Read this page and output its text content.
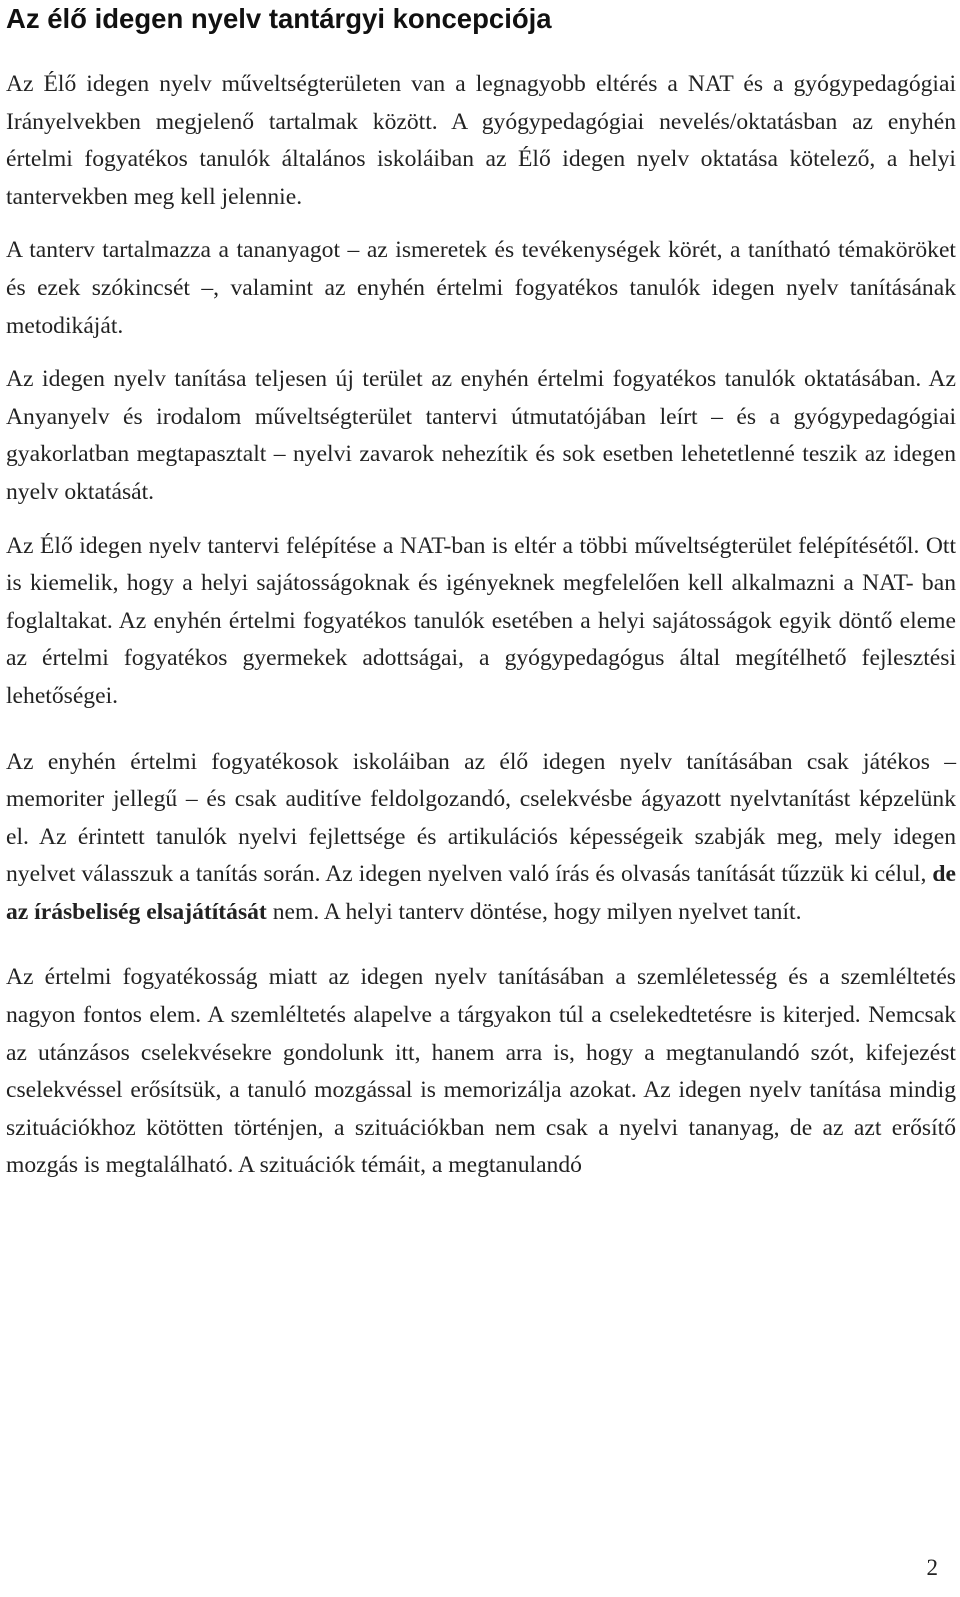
Az élő idegen nyelv tantárgyi koncepciója

Az Élő idegen nyelv műveltségterületen van a legnagyobb eltérés a NAT és a gyógypedagógiai Irányelvekben megjelenő tartalmak között. A gyógypedagógiai nevelés/oktatásban az enyhén értelmi fogyatékos tanulók általános iskoláiban az Élő idegen nyelv oktatása kötelező, a helyi tantervekben meg kell jelennie.

A tanterv tartalmazza a tananyagot – az ismeretek és tevékenységek körét, a tanítható témaköröket és ezek szókincsét –, valamint az enyhén értelmi fogyatékos tanulók idegen nyelv tanításának metodikáját.

Az idegen nyelv tanítása teljesen új terület az enyhén értelmi fogyatékos tanulók oktatásában. Az Anyanyelv és irodalom műveltségterület tantervi útmutatójában leírt – és a gyógypedagógiai gyakorlatban megtapasztalt – nyelvi zavarok nehezítik és sok esetben lehetetlenné teszik az idegen nyelv oktatását.

Az Élő idegen nyelv tantervi felépítése a NAT-ban is eltér a többi műveltségterület felépítésétől. Ott is kiemelik, hogy a helyi sajátosságoknak és igényeknek megfelelően kell alkalmazni a NAT- ban foglaltakat. Az enyhén értelmi fogyatékos tanulók esetében a helyi sajátosságok egyik döntő eleme az értelmi fogyatékos gyermekek adottságai, a gyógypedagógus által megítélhető fejlesztési lehetőségei.

Az enyhén értelmi fogyatékosok iskoláiban az élő idegen nyelv tanításában csak játékos – memoriter jellegű – és csak auditíve feldolgozandó, cselekvésbe ágyazott nyelvtanítást képzelünk el. Az érintett tanulók nyelvi fejlettsége és artikulációs képességeik szabják meg, mely idegen nyelvet válasszuk a tanítás során. Az idegen nyelven való írás és olvasás tanítását tűzzük ki célul, de az írásbeliség elsajátítását nem. A helyi tanterv döntése, hogy milyen nyelvet tanít.

Az értelmi fogyatékosság miatt az idegen nyelv tanításában a szemléletesség és a szemléltetés nagyon fontos elem. A szemléltetés alapelve a tárgyakon túl a cselekedtetésre is kiterjed. Nemcsak az utánzásos cselekvésekre gondolunk itt, hanem arra is, hogy a megtanulandó szót, kifejezést cselekvéssel erősítsük, a tanuló mozgással is memorizálja azokat. Az idegen nyelv tanítása mindig szituációkhoz kötötten történjen, a szituációkban nem csak a nyelvi tananyag, de az azt erősítő mozgás is megtalálható. A szituációk témáit, a megtanulandó

2
